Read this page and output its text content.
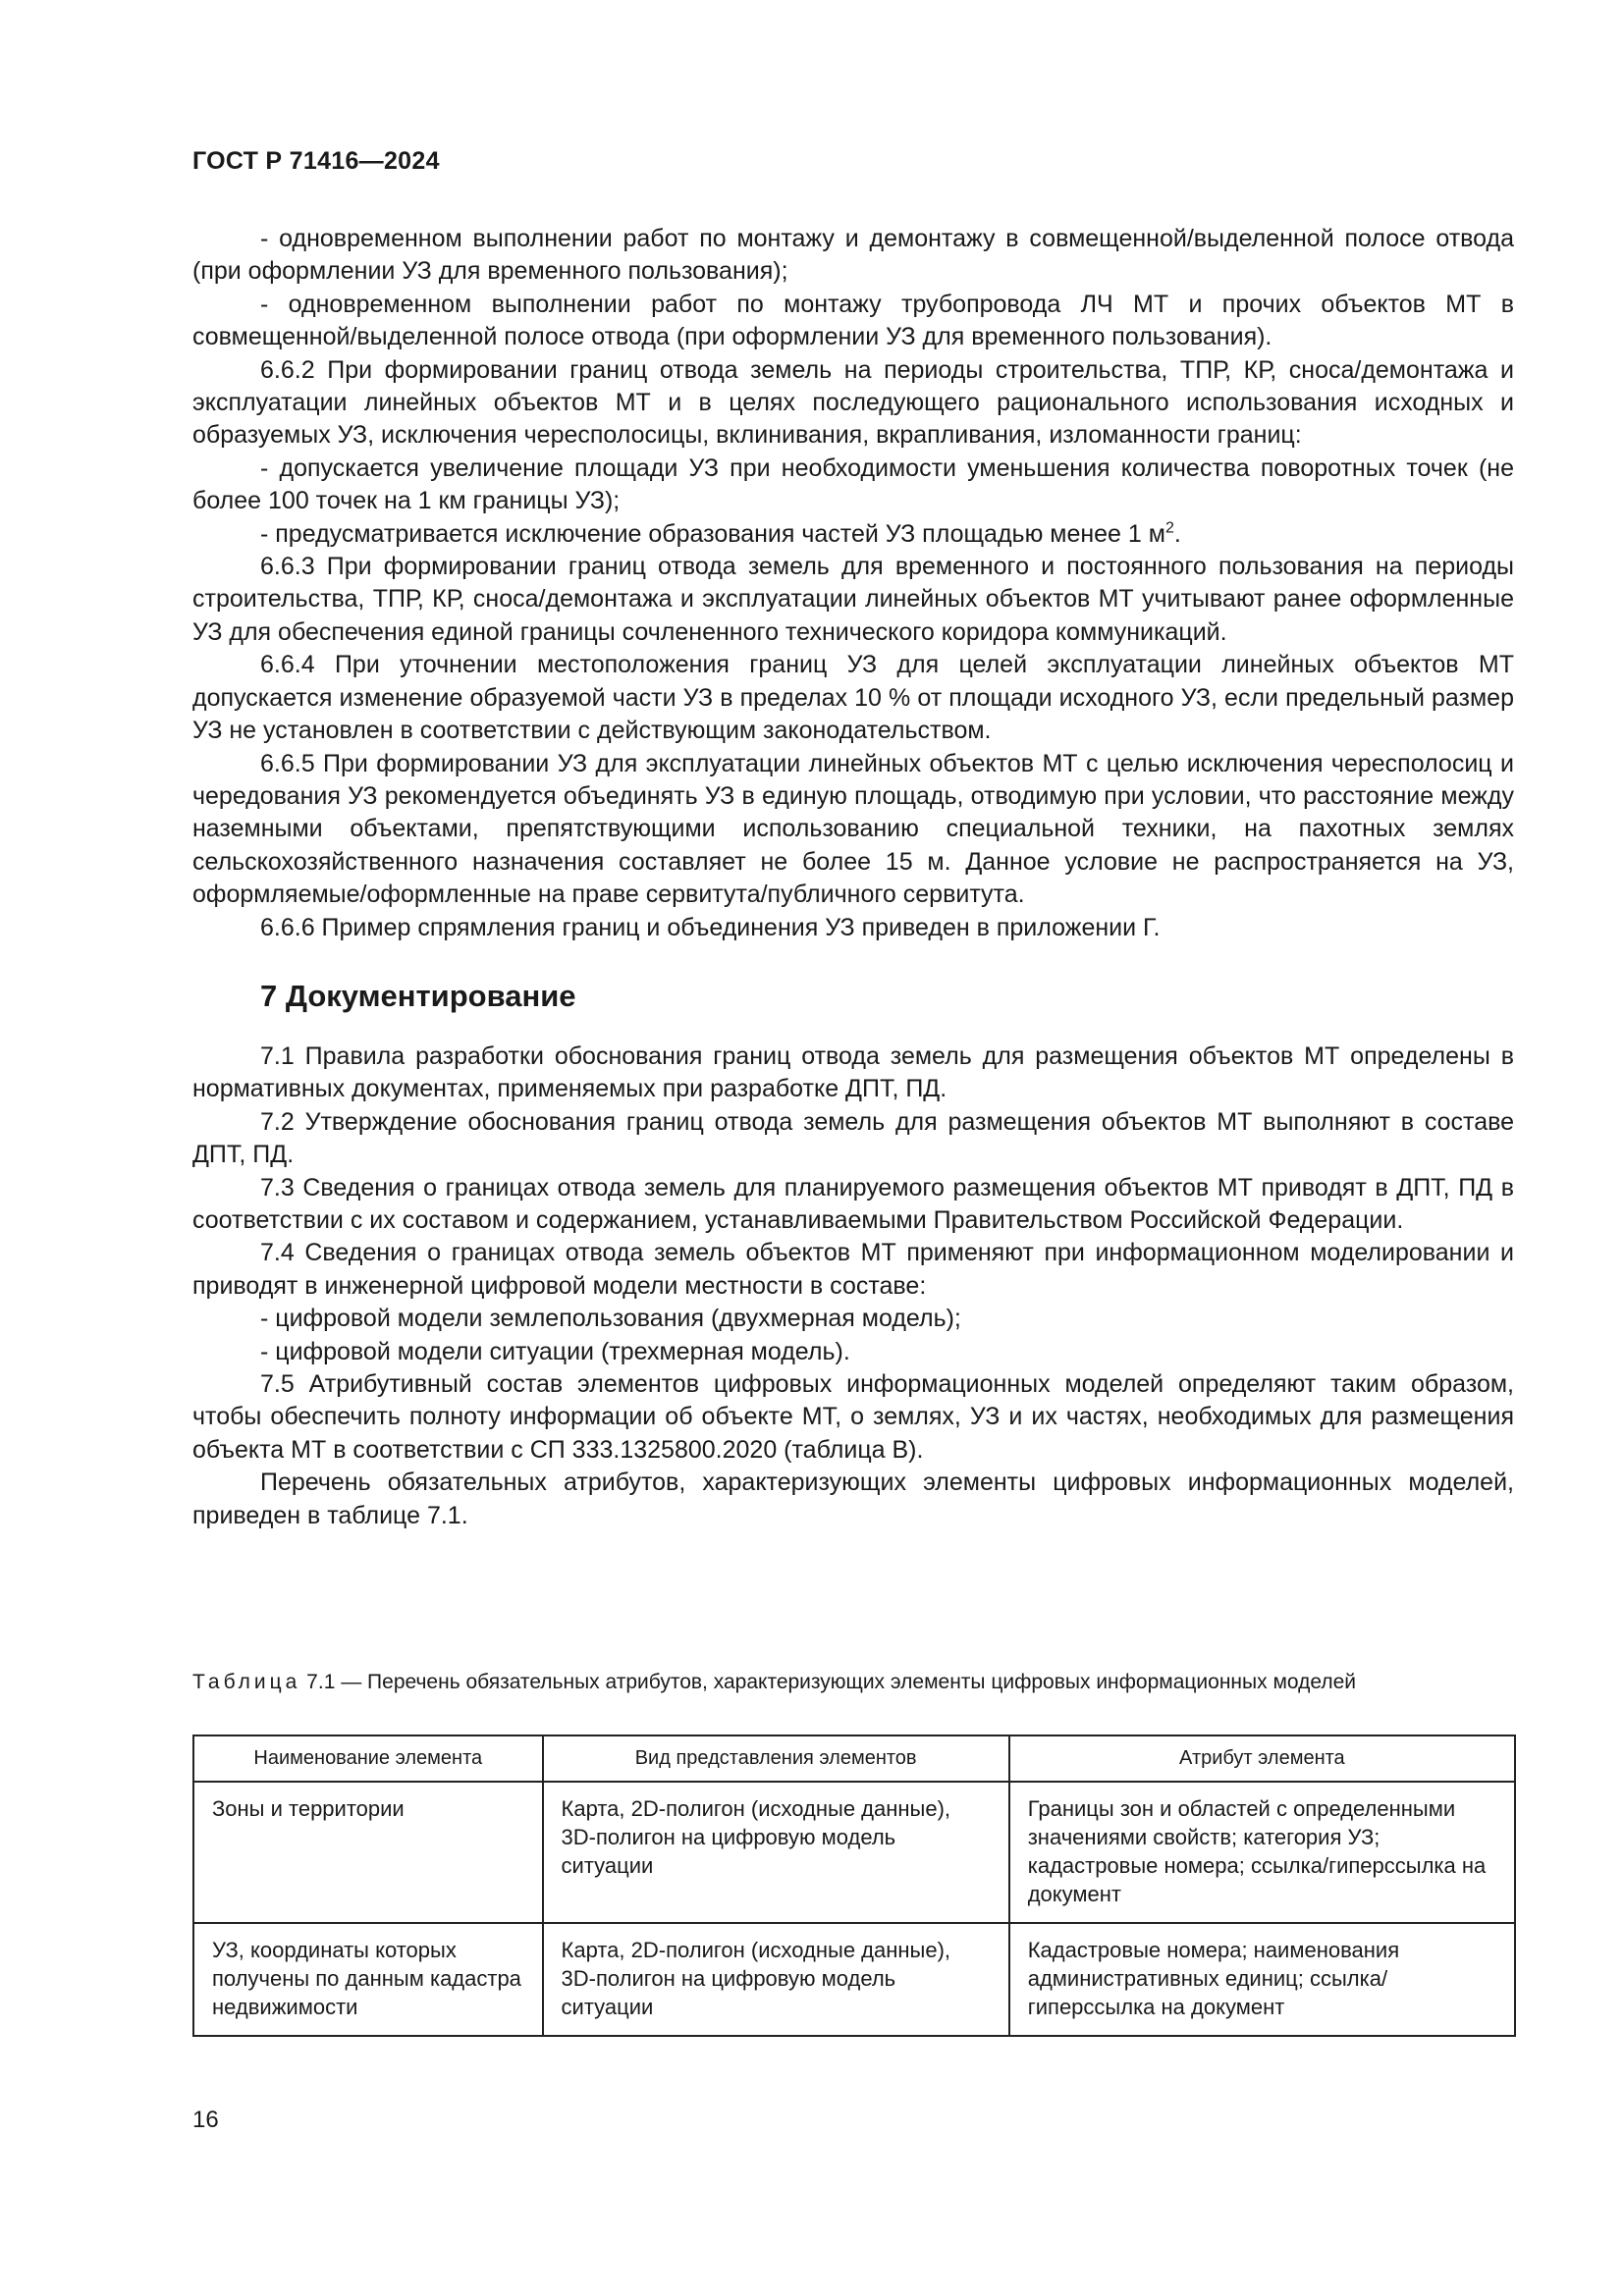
ГОСТ Р 71416—2024

- одновременном выполнении работ по монтажу и демонтажу в совмещенной/выделенной полосе отвода (при оформлении УЗ для временного пользования);

- одновременном выполнении работ по монтажу трубопровода ЛЧ МТ и прочих объектов МТ в совмещенной/выделенной полосе отвода (при оформлении УЗ для временного пользования).

6.6.2 При формировании границ отвода земель на периоды строительства, ТПР, КР, сноса/демонтажа и эксплуатации линейных объектов МТ и в целях последующего рационального использования исходных и образуемых УЗ, исключения чересполосицы, вклинивания, вкрапливания, изломанности границ:

- допускается увеличение площади УЗ при необходимости уменьшения количества поворотных точек (не более 100 точек на 1 км границы УЗ);

- предусматривается исключение образования частей УЗ площадью менее 1 $м^2$.

6.6.3 При формировании границ отвода земель для временного и постоянного пользования на периоды строительства, ТПР, КР, сноса/демонтажа и эксплуатации линейных объектов МТ учитывают ранее оформленные УЗ для обеспечения единой границы сочлененного технического коридора коммуникаций.

6.6.4 При уточнении местоположения границ УЗ для целей эксплуатации линейных объектов МТ допускается изменение образуемой части УЗ в пределах 10 % от площади исходного УЗ, если предельный размер УЗ не установлен в соответствии с действующим законодательством.

6.6.5 При формировании УЗ для эксплуатации линейных объектов МТ с целью исключения чересполосиц и чередования УЗ рекомендуется объединять УЗ в единую площадь, отводимую при условии, что расстояние между наземными объектами, препятствующими использованию специальной техники, на пахотных землях сельскохозяйственного назначения составляет не более 15 м. Данное условие не распространяется на УЗ, оформляемые/оформленные на праве сервитута/публичного сервитута.

6.6.6 Пример спрямления границ и объединения УЗ приведен в приложении Г.

7 Документирование

7.1 Правила разработки обоснования границ отвода земель для размещения объектов МТ определены в нормативных документах, применяемых при разработке ДПТ, ПД.

7.2 Утверждение обоснования границ отвода земель для размещения объектов МТ выполняют в составе ДПТ, ПД.

7.3 Сведения о границах отвода земель для планируемого размещения объектов МТ приводят в ДПТ, ПД в соответствии с их составом и содержанием, устанавливаемыми Правительством Российской Федерации.

7.4 Сведения о границах отвода земель объектов МТ применяют при информационном моделировании и приводят в инженерной цифровой модели местности в составе:

- цифровой модели землепользования (двухмерная модель);

- цифровой модели ситуации (трехмерная модель).

7.5 Атрибутивный состав элементов цифровых информационных моделей определяют таким образом, чтобы обеспечить полноту информации об объекте МТ, о землях, УЗ и их частях, необходимых для размещения объекта МТ в соответствии с СП 333.1325800.2020 (таблица В).

Перечень обязательных атрибутов, характеризующих элементы цифровых информационных моделей, приведен в таблице 7.1.

Таблица 7.1 — Перечень обязательных атрибутов, характеризующих элементы цифровых информационных моделей
Наименование элемента	Вид представления элементов	Атрибут элемента
Зоны и территории	Карта, 2D-полигон (исходные данные), 3D-полигон на цифровую модель ситуации	Границы зон и областей с определенными значениями свойств; категория УЗ; кадастровые номера; ссылка/гиперссылка на документ
УЗ, координаты которых получены по данным кадастра недвижимости	Карта, 2D-полигон (исходные данные), 3D-полигон на цифровую модель ситуации	Кадастровые номера; наименования административных единиц; ссылка/гиперссылка на документ
16
